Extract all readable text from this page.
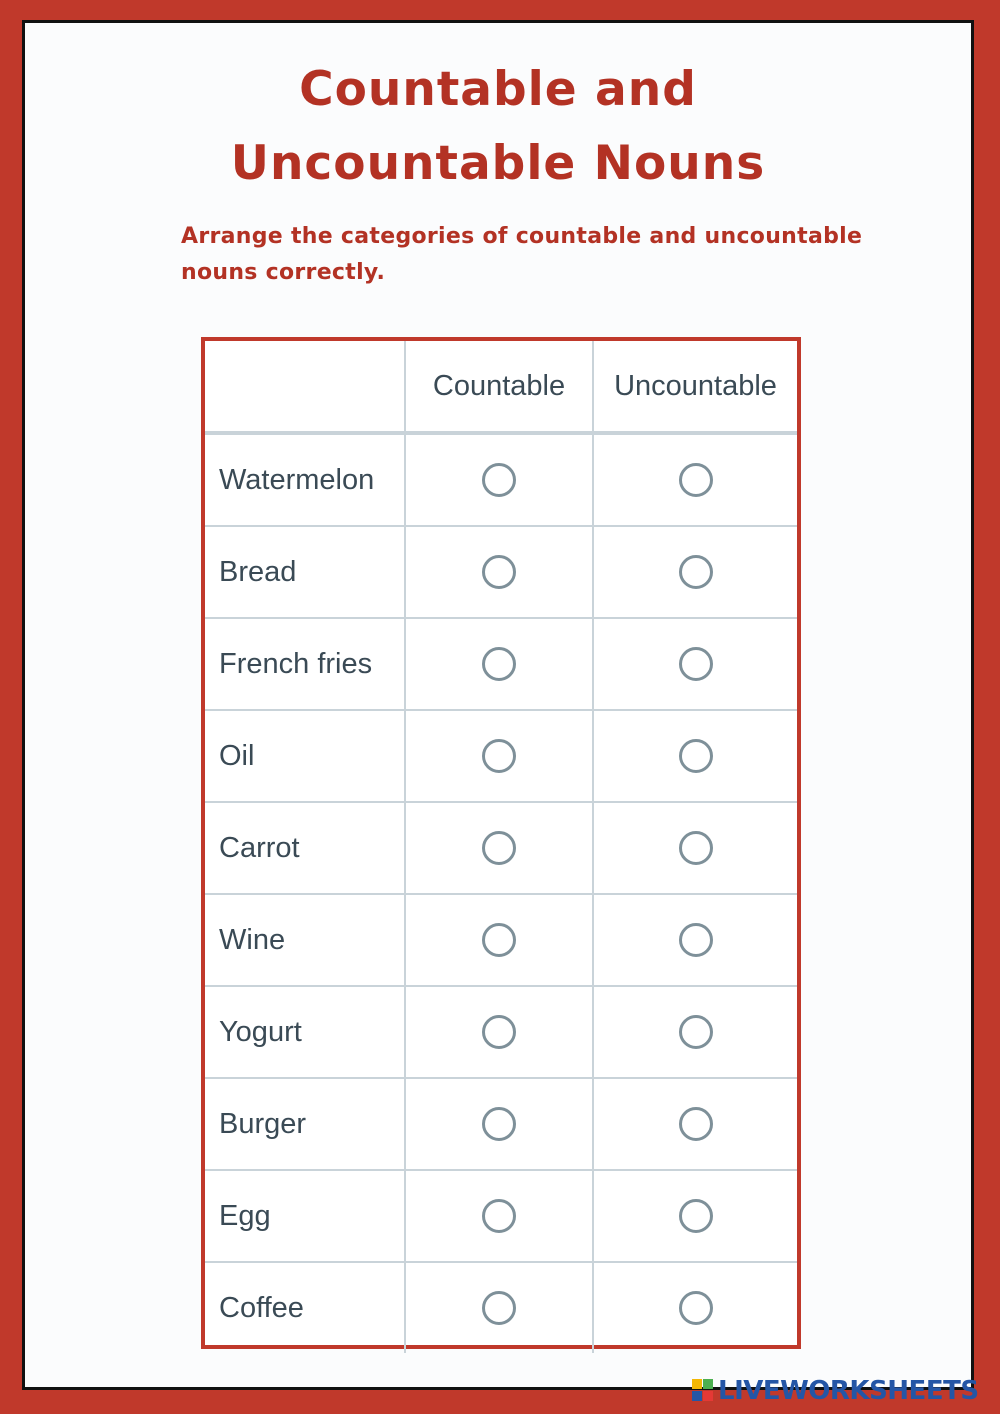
Countable and
Uncountable Nouns
Arrange the categories of countable and uncountable nouns correctly.
	Countable	Uncountable
Watermelon		
Bread		
French fries		
Oil		
Carrot		
Wine		
Yogurt		
Burger		
Egg		
Coffee		
LIVEWORKSHEETS
